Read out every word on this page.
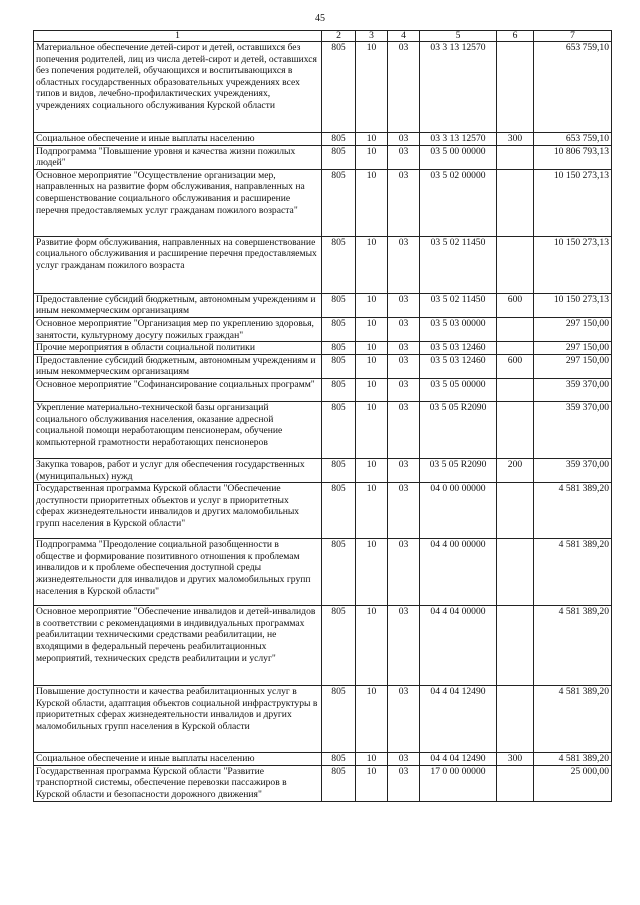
45
1	2	3	4	5	6	7
Материальное обеспечение детей-сирот и детей, оставшихся без попечения родителей, лиц из числа детей-сирот и детей, оставшихся без попечения родителей, обучающихся и воспитывающихся в областных государственных образовательных учреждениях всех типов и видов, лечебно-профилактических учреждениях, учреждениях социального обслуживания Курской области	805	10	03	03 3 13 12570		653 759,10
Социальное обеспечение и иные выплаты населению	805	10	03	03 3 13 12570	300	653 759,10
Подпрограмма "Повышение уровня и качества жизни пожилых людей"	805	10	03	03 5 00 00000		10 806 793,13
Основное мероприятие "Осуществление организации мер, направленных на развитие форм обслуживания, направленных на совершенствование социального обслуживания и расширение перечня предоставляемых услуг гражданам пожилого возраста"	805	10	03	03 5 02 00000		10 150 273,13
Развитие форм обслуживания, направленных на совершенствование социального обслуживания и расширение перечня предоставляемых услуг гражданам пожилого возраста	805	10	03	03 5 02 11450		10 150 273,13
Предоставление субсидий бюджетным, автономным учреждениям и иным некоммерческим организациям	805	10	03	03 5 02 11450	600	10 150 273,13
Основное мероприятие "Организация мер по укреплению здоровья, занятости, культурному досугу пожилых граждан"	805	10	03	03 5 03 00000		297 150,00
Прочие мероприятия в области социальной политики	805	10	03	03 5 03 12460		297 150,00
Предоставление субсидий бюджетным, автономным учреждениям и иным некоммерческим организациям	805	10	03	03 5 03 12460	600	297 150,00
Основное мероприятие "Софинансирование социальных программ"	805	10	03	03 5 05 00000		359 370,00
Укрепление материально-технической базы организаций социального обслуживания населения, оказание адресной социальной помощи неработающим пенсионерам, обучение компьютерной грамотности неработающих пенсионеров	805	10	03	03 5 05 R2090		359 370,00
Закупка товаров, работ и услуг для обеспечения государственных (муниципальных) нужд	805	10	03	03 5 05 R2090	200	359 370,00
Государственная программа Курской области "Обеспечение доступности приоритетных объектов и услуг в приоритетных сферах жизнедеятельности инвалидов и других маломобильных групп населения в Курской области"	805	10	03	04 0 00 00000		4 581 389,20
Подпрограмма "Преодоление социальной разобщенности в обществе и формирование позитивного отношения к проблемам инвалидов и к проблеме обеспечения доступной среды жизнедеятельности для инвалидов и других маломобильных групп населения в Курской области"	805	10	03	04 4 00 00000		4 581 389,20
Основное мероприятие "Обеспечение инвалидов и детей-инвалидов в соответствии с рекомендациями в индивидуальных программах реабилитации техническими средствами реабилитации, не входящими в федеральный перечень реабилитационных мероприятий, технических средств реабилитации и услуг"	805	10	03	04 4 04 00000		4 581 389,20
Повышение доступности и качества реабилитационных услуг в Курской области, адаптация объектов социальной инфраструктуры в приоритетных сферах жизнедеятельности инвалидов и других маломобильных групп населения в Курской области	805	10	03	04 4 04 12490		4 581 389,20
Социальное обеспечение и иные выплаты населению	805	10	03	04 4 04 12490	300	4 581 389,20
Государственная программа Курской области "Развитие транспортной системы, обеспечение перевозки пассажиров в Курской области и безопасности дорожного движения"	805	10	03	17 0 00 00000		25 000,00
